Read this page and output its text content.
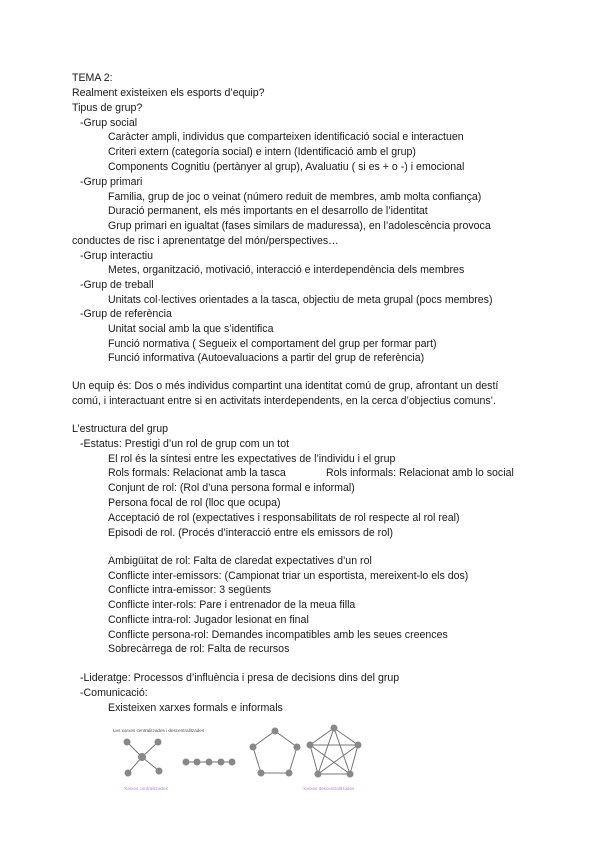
TEMA 2:
Realment existeixen els esports d’equip?
Tipus de grup?
-Grup social
Caràcter ampli, individus que comparteixen identificació social e interactuen
Criteri extern (categoría social) e intern (Identificació amb el grup)
Components Cognitiu (pertànyer al grup), Avaluatiu ( si es + o -) i emocional
-Grup primari
Familia, grup de joc o veinat (número reduit de membres, amb molta confiança)
Duració permanent, els més importants en el desarrollo de l’identitat
Grup primari en igualtat (fases similars de maduressa), en l’adolescència provoca
conductes de risc i aprenentatge del món/perspectives…
-Grup interactiu
Metes, organització, motivació, interacció e interdependència dels membres
-Grup de treball
Unitats col·lectives orientades a la tasca, objectiu de meta grupal (pocs membres)
-Grup de referència
Unitat social amb la que s’identifica
Funció normativa ( Segueix el comportament del grup per formar part)
Funció informativa (Autoevaluacions a partir del grup de referència)
Un equip és: Dos o més individus compartint una identitat comú de grup, afrontant un destí
comú, i interactuant entre si en activitats interdependents, en la cerca d’objectius comuns’.
L’estructura del grup
-Estatus: Prestigi d’un rol de grup com un tot
El rol és la síntesi entre les expectatives de l’individu i el grup
Rols formals: Relacionat amb la tasca	Rols informals: Relacionat amb lo social
Conjunt de rol: (Rol d’una persona formal e informal)
Persona focal de rol (lloc que ocupa)
Acceptació de rol (expectatives i responsabilitats de rol respecte al rol real)
Episodi de rol. (Procés d’interacció entre els emissors de rol)
Ambigüitat de rol: Falta de claredat expectatives d’un rol
Conflicte inter-emissors: (Campionat triar un esportista, mereixent-lo els dos)
Conflicte intra-emissor: 3 següents
Conflicte inter-rols: Pare i entrenador de la meua filla
Conflicte intra-rol: Jugador lesionat en final
Conflicte persona-rol: Demandes incompatibles amb les seues creences
Sobrecàrrega de rol: Falta de recursos
-Lideratge: Processos d’influència i presa de decisions dins del grup
-Comunicació:
Existeixen xarxes formals e informals
Les xarxes centralitzades i descentralitzades
Xarxes centralitzades	Xarxes descentralitzades
